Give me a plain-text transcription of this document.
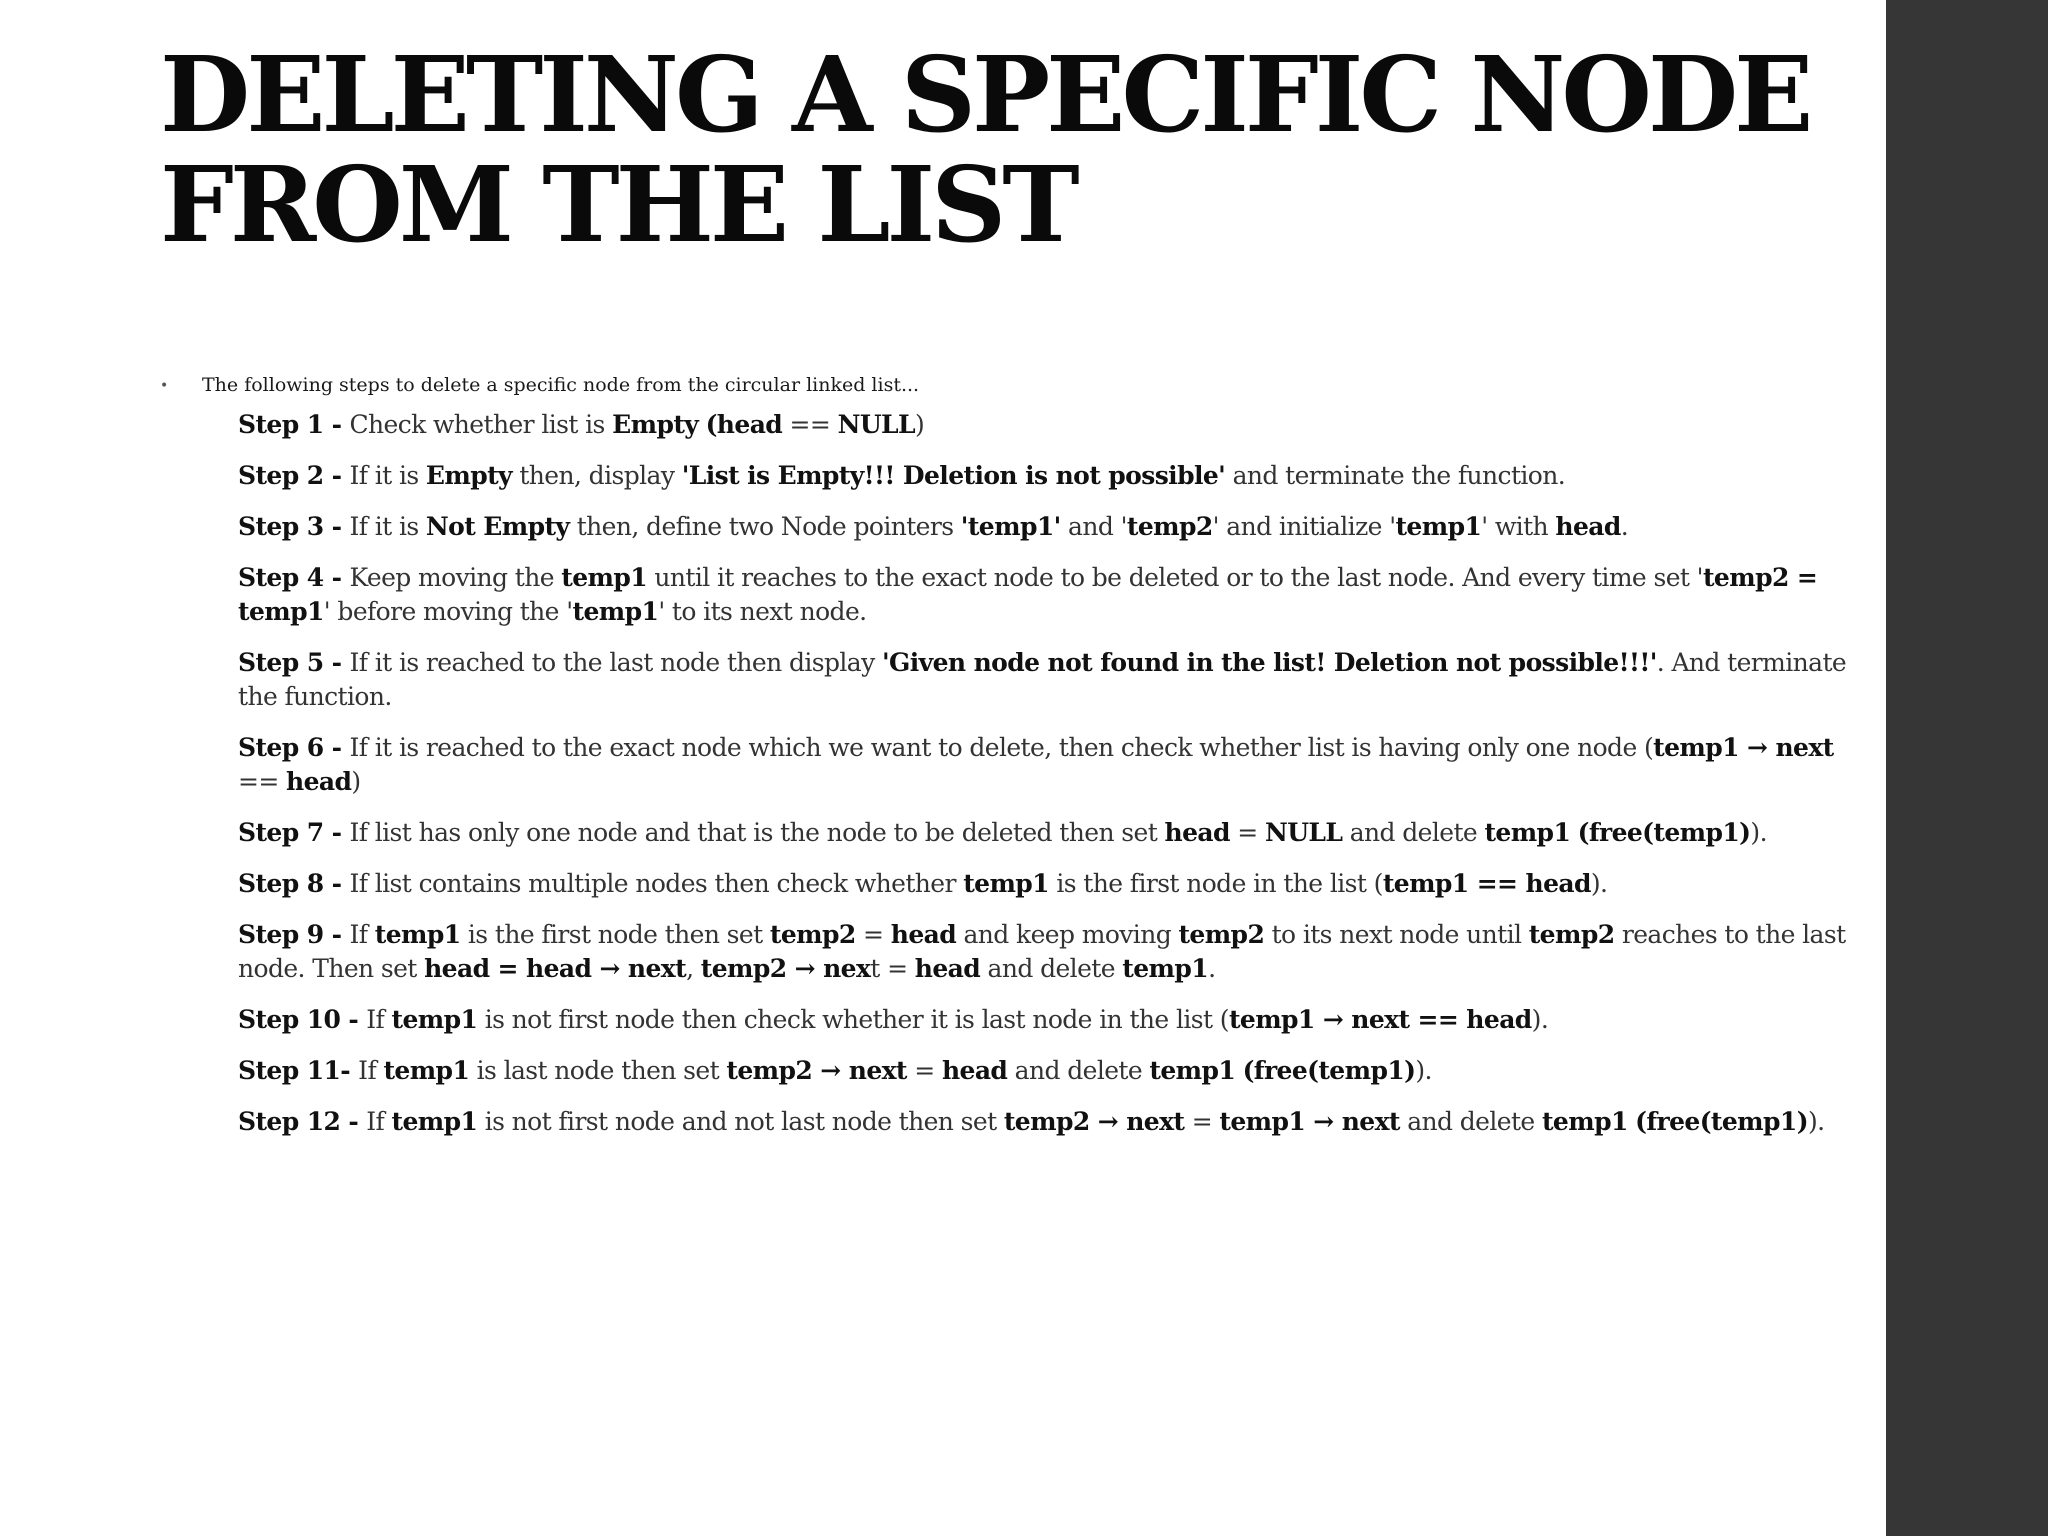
DELETING A SPECIFIC NODE
FROM THE LIST
• The following steps to delete a specific node from the circular linked list...
Step 1 - Check whether list is Empty (head == NULL)
Step 2 - If it is Empty then, display 'List is Empty!!! Deletion is not possible' and terminate the function.
Step 3 - If it is Not Empty then, define two Node pointers 'temp1' and 'temp2' and initialize 'temp1' with head.
Step 4 - Keep moving the temp1 until it reaches to the exact node to be deleted or to the last node. And every time set 'temp2 = temp1' before moving the 'temp1' to its next node.
Step 5 - If it is reached to the last node then display 'Given node not found in the list! Deletion not possible!!!'. And terminate the function.
Step 6 - If it is reached to the exact node which we want to delete, then check whether list is having only one node (temp1 → next == head)
Step 7 - If list has only one node and that is the node to be deleted then set head = NULL and delete temp1 (free(temp1)).
Step 8 - If list contains multiple nodes then check whether temp1 is the first node in the list (temp1 == head).
Step 9 - If temp1 is the first node then set temp2 = head and keep moving temp2 to its next node until temp2 reaches to the last node. Then set head = head → next, temp2 → next = head and delete temp1.
Step 10 - If temp1 is not first node then check whether it is last node in the list (temp1 → next == head).
Step 11- If temp1 is last node then set temp2 → next = head and delete temp1 (free(temp1)).
Step 12 - If temp1 is not first node and not last node then set temp2 → next = temp1 → next and delete temp1 (free(temp1)).
